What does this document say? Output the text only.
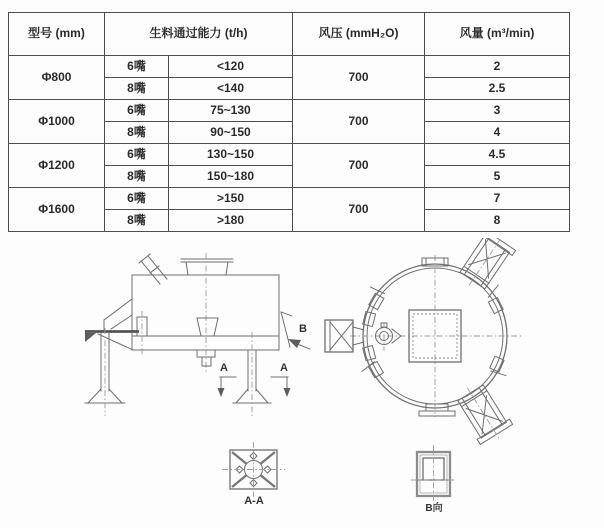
型号 (mm)	生料通过能力 (t/h)		风压 (mmH₂O)	风量 (m³/min)
Φ800	6嘴	<120	700	2
	8嘴	<140		2.5
Φ1000	6嘴	75~130	700	3
	8嘴	90~150		4
Φ1200	6嘴	130~150	700	4.5
	8嘴	150~180		5
Φ1600	6嘴	>150	700	7
	8嘴	>180		8
B
A	A
A-A
B向
